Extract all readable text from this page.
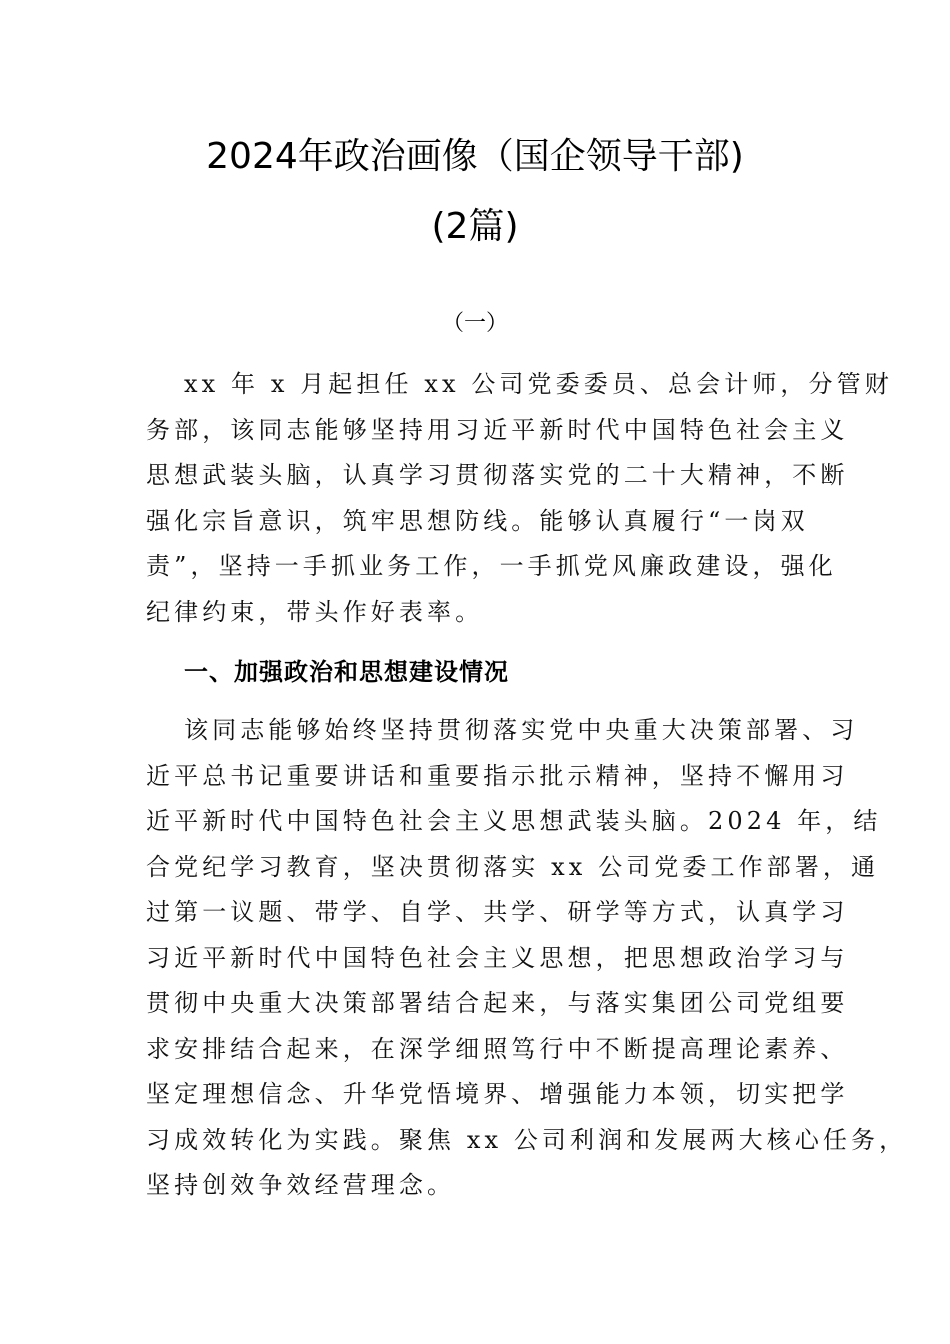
2024年政治画像（国企领导干部)
(2篇)
（一）
xx 年 x 月起担任 xx 公司党委委员、总会计师，分管财
务部，该同志能够坚持用习近平新时代中国特色社会主义
思想武装头脑，认真学习贯彻落实党的二十大精神，不断
强化宗旨意识，筑牢思想防线。能够认真履行“一岗双
责”，坚持一手抓业务工作，一手抓党风廉政建设，强化
纪律约束，带头作好表率。
一、加强政治和思想建设情况
该同志能够始终坚持贯彻落实党中央重大决策部署、习
近平总书记重要讲话和重要指示批示精神，坚持不懈用习
近平新时代中国特色社会主义思想武装头脑。2024 年，结
合党纪学习教育，坚决贯彻落实 xx 公司党委工作部署，通
过第一议题、带学、自学、共学、研学等方式，认真学习
习近平新时代中国特色社会主义思想，把思想政治学习与
贯彻中央重大决策部署结合起来，与落实集团公司党组要
求安排结合起来，在深学细照笃行中不断提高理论素养、
坚定理想信念、升华党悟境界、增强能力本领，切实把学
习成效转化为实践。聚焦 xx 公司利润和发展两大核心任务，
坚持创效争效经营理念。
